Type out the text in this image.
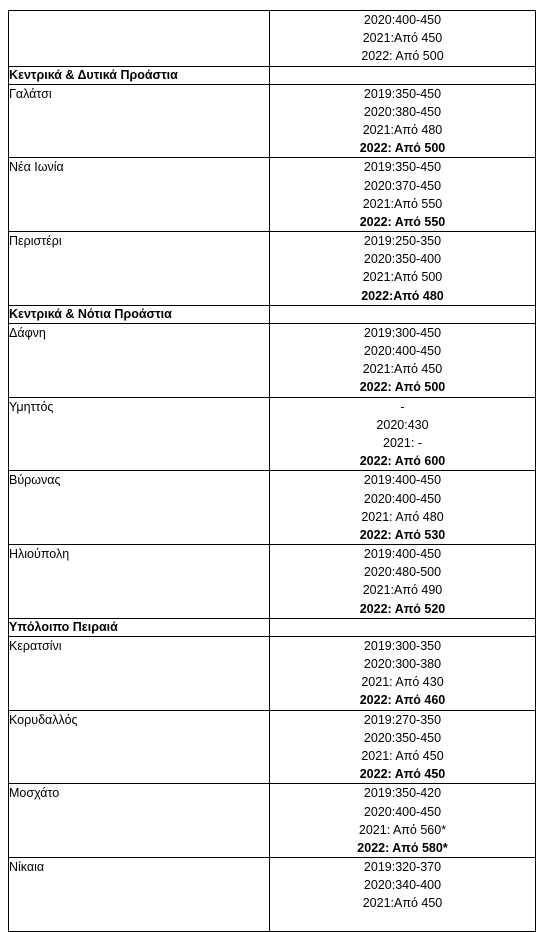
	2020:400-450
2021:Από 450
2022: Από 500

Κεντρικά & Δυτικά Προάστια	
Γαλάτσι	2019:350-450
2020:380-450
2021:Από 480
2022: Από 500

Νέα Ιωνία	2019:350-450
2020:370-450
2021:Από 550
2022: Από 550

Περιστέρι	2019:250-350
2020:350-400
2021:Από 500
2022:Από 480

Κεντρικά & Νότια Προάστια	
Δάφνη	2019:300-450
2020:400-450
2021:Από 450
2022: Από 500

Υμηττός	-
2020:430
2021: -
2022: Από 600

Βύρωνας	2019:400-450
2020:400-450
2021: Από 480
2022: Από 530

Ηλιούπολη	2019:400-450
2020:480-500
2021:Από 490
2022: Από 520

Υπόλοιπο Πειραιά	
Κερατσίνι	2019:300-350
2020:300-380
2021: Από 430
2022: Από 460

Κορυδαλλός	2019:270-350
2020:350-450
2021: Από 450
2022: Από 450

Μοσχάτο	2019:350-420
2020:400-450
2021: Από 560*
2022: Από 580*

Νίκαια	2019:320-370
2020:340-400
2021:Από 450
